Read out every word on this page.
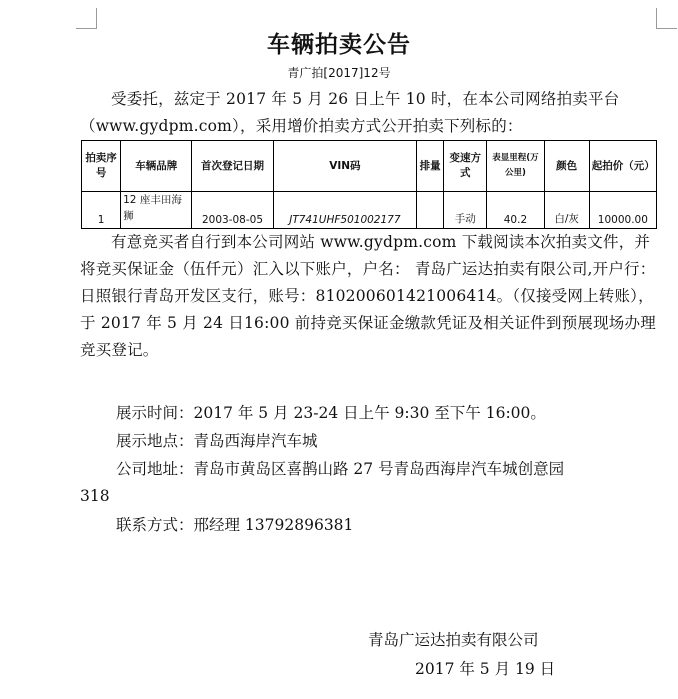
车辆拍卖公告
青广拍[2017]12号

受委托，兹定于 2017 年 5 月 26 日上午 10 时，在本公司网络拍卖平台（www.gydpm.com），采用增价拍卖方式公开拍卖下列标的：

拍卖序号	车辆品牌	首次登记日期	VIN码	排量	变速方式	表显里程(万公里)	颜色	起拍价（元）
1	12 座丰田海狮	2003-08-05	JT741UHF501002177		手动	40.2	白/灰	10000.00

有意竞买者自行到本公司网站 www.gydpm.com 下载阅读本次拍卖文件，并将竞买保证金（伍仟元）汇入以下账户，户名： 青岛广运达拍卖有限公司,开户行：日照银行青岛开发区支行，账号：810200601421006414。（仅接受网上转账），于 2017 年 5 月 24 日16:00 前持竞买保证金缴款凭证及相关证件到预展现场办理竞买登记。

展示时间：2017 年 5 月 23-24 日上午 9:30 至下午 16:00。

展示地点：青岛西海岸汽车城

公司地址：青岛市黄岛区喜鹊山路 27 号青岛西海岸汽车城创意园
318

联系方式：邢经理 13792896381

青岛广运达拍卖有限公司
2017 年 5 月 19 日
